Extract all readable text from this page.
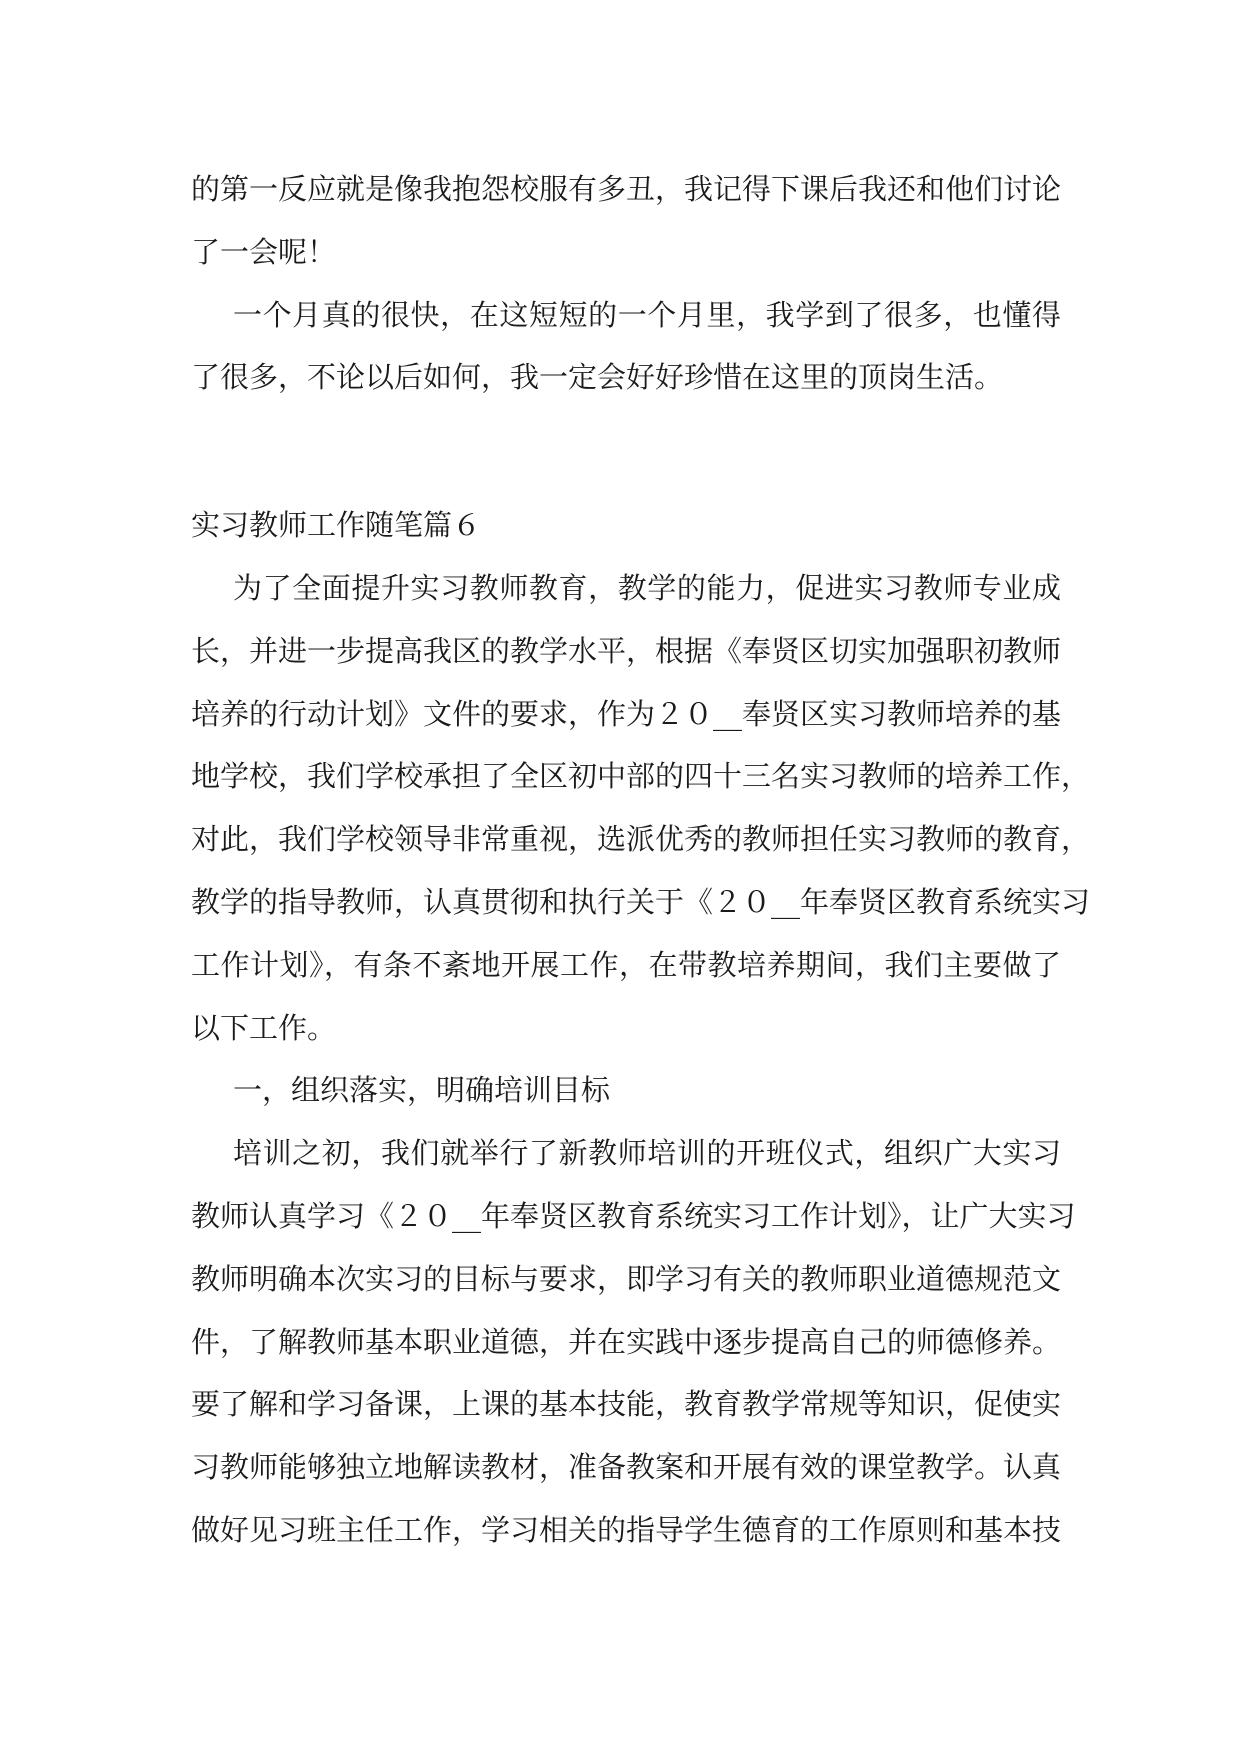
的第一反应就是像我抱怨校服有多丑，我记得下课后我还和他们讨论
了一会呢！
一个月真的很快，在这短短的一个月里，我学到了很多，也懂得
了很多，不论以后如何，我一定会好好珍惜在这里的顶岗生活。
实习教师工作随笔篇６
为了全面提升实习教师教育，教学的能力，促进实习教师专业成
长，并进一步提高我区的教学水平，根据《奉贤区切实加强职初教师
培养的行动计划》文件的要求，作为２０__奉贤区实习教师培养的基
地学校，我们学校承担了全区初中部的四十三名实习教师的培养工作，
对此，我们学校领导非常重视，选派优秀的教师担任实习教师的教育，
教学的指导教师，认真贯彻和执行关于《２０__年奉贤区教育系统实习
工作计划》，有条不紊地开展工作，在带教培养期间，我们主要做了
以下工作。
一，组织落实，明确培训目标
培训之初，我们就举行了新教师培训的开班仪式，组织广大实习
教师认真学习《２０__年奉贤区教育系统实习工作计划》，让广大实习
教师明确本次实习的目标与要求，即学习有关的教师职业道德规范文
件，了解教师基本职业道德，并在实践中逐步提高自己的师德修养。
要了解和学习备课，上课的基本技能，教育教学常规等知识，促使实
习教师能够独立地解读教材，准备教案和开展有效的课堂教学。认真
做好见习班主任工作，学习相关的指导学生德育的工作原则和基本技
